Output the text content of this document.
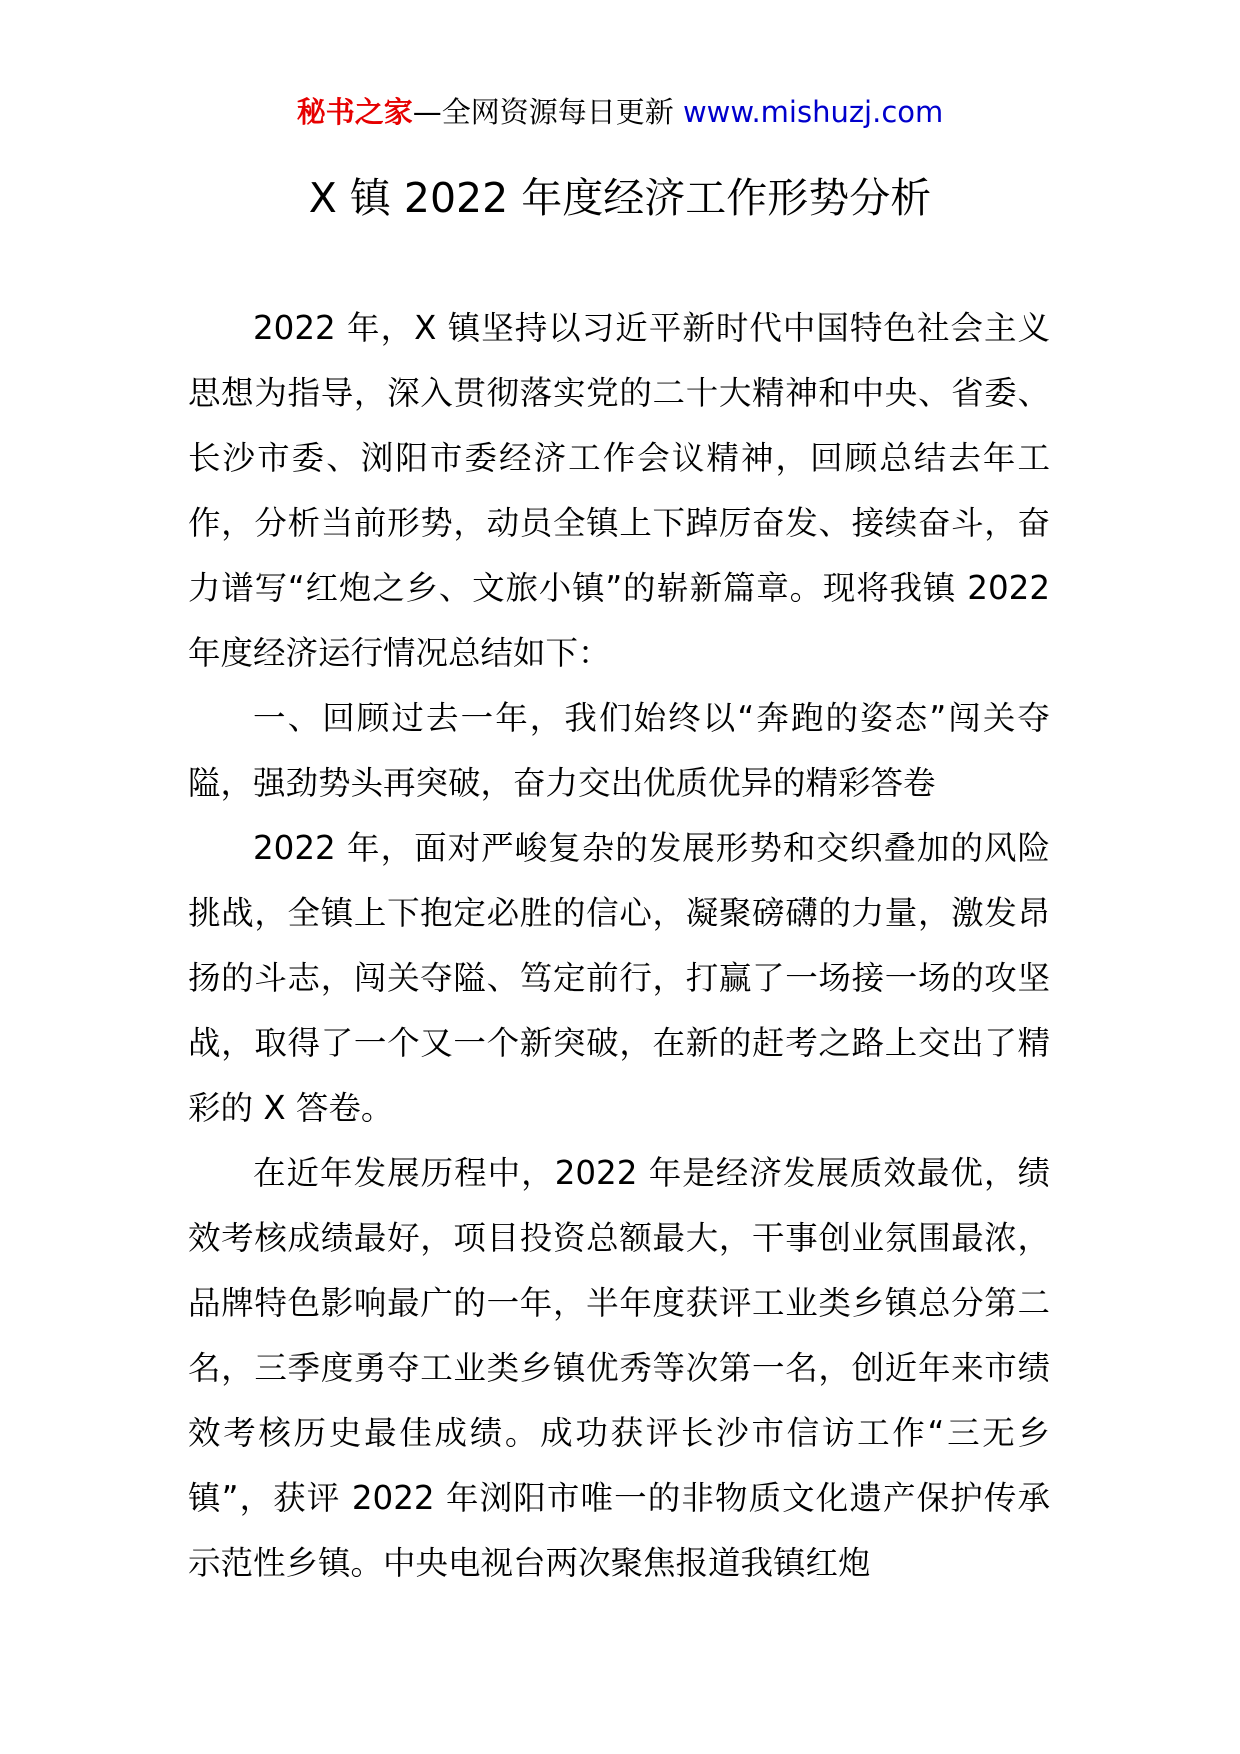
秘书之家—全网资源每日更新 www.mishuzj.com
X 镇 2022 年度经济工作形势分析

2022 年，X 镇坚持以习近平新时代中国特色社会主义思想为指导，深入贯彻落实党的二十大精神和中央、省委、长沙市委、浏阳市委经济工作会议精神，回顾总结去年工作，分析当前形势，动员全镇上下踔厉奋发、接续奋斗，奋力谱写“红炮之乡、文旅小镇”的崭新篇章。现将我镇 2022 年度经济运行情况总结如下：

一、回顾过去一年，我们始终以“奔跑的姿态”闯关夺隘，强劲势头再突破，奋力交出优质优异的精彩答卷

2022 年，面对严峻复杂的发展形势和交织叠加的风险挑战，全镇上下抱定必胜的信心，凝聚磅礴的力量，激发昂扬的斗志，闯关夺隘、笃定前行，打赢了一场接一场的攻坚战，取得了一个又一个新突破，在新的赶考之路上交出了精彩的 X 答卷。

在近年发展历程中，2022 年是经济发展质效最优，绩效考核成绩最好，项目投资总额最大，干事创业氛围最浓，品牌特色影响最广的一年，半年度获评工业类乡镇总分第二名，三季度勇夺工业类乡镇优秀等次第一名，创近年来市绩效考核历史最佳成绩。成功获评长沙市信访工作“三无乡镇”，获评 2022 年浏阳市唯一的非物质文化遗产保护传承示范性乡镇。中央电视台两次聚焦报道我镇红炮
